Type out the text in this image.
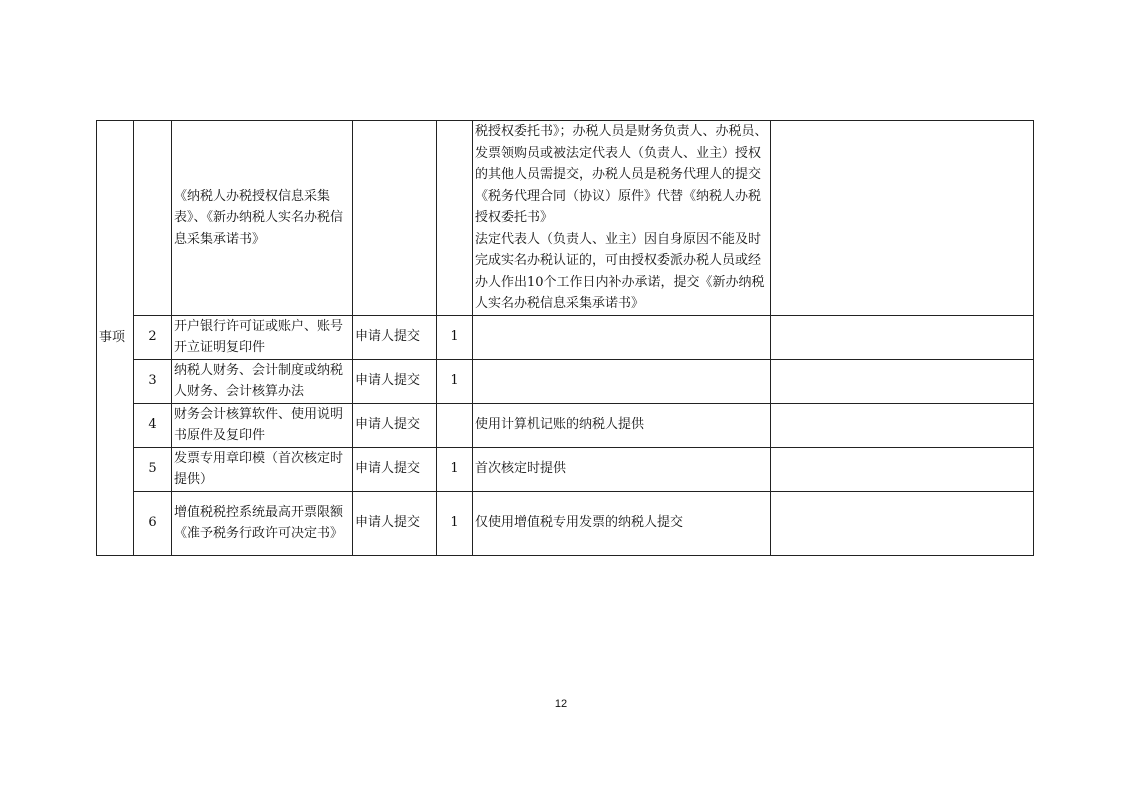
事项		《纳税人办税授权信息采集表》、《新办纳税人实名办税信息采集承诺书》			税授权委托书》；办税人员是财务负责人、办税员、发票领购员或被法定代表人（负责人、业主）授权的其他人员需提交，办税人员是税务代理人的提交《税务代理合同（协议）原件》代替《纳税人办税授权委托书》
法定代表人（负责人、业主）因自身原因不能及时完成实名办税认证的，可由授权委派办税人员或经办人作出10个工作日内补办承诺，提交《新办纳税人实名办税信息采集承诺书》	
	2	开户银行许可证或账户、账号开立证明复印件	申请人提交	1		
	3	纳税人财务、会计制度或纳税人财务、会计核算办法	申请人提交	1		
	4	财务会计核算软件、使用说明书原件及复印件	申请人提交		使用计算机记账的纳税人提供	
	5	发票专用章印模（首次核定时提供）	申请人提交	1	首次核定时提供	
	6	增值税税控系统最高开票限额《准予税务行政许可决定书》	申请人提交	1	仅使用增值税专用发票的纳税人提交	
12
